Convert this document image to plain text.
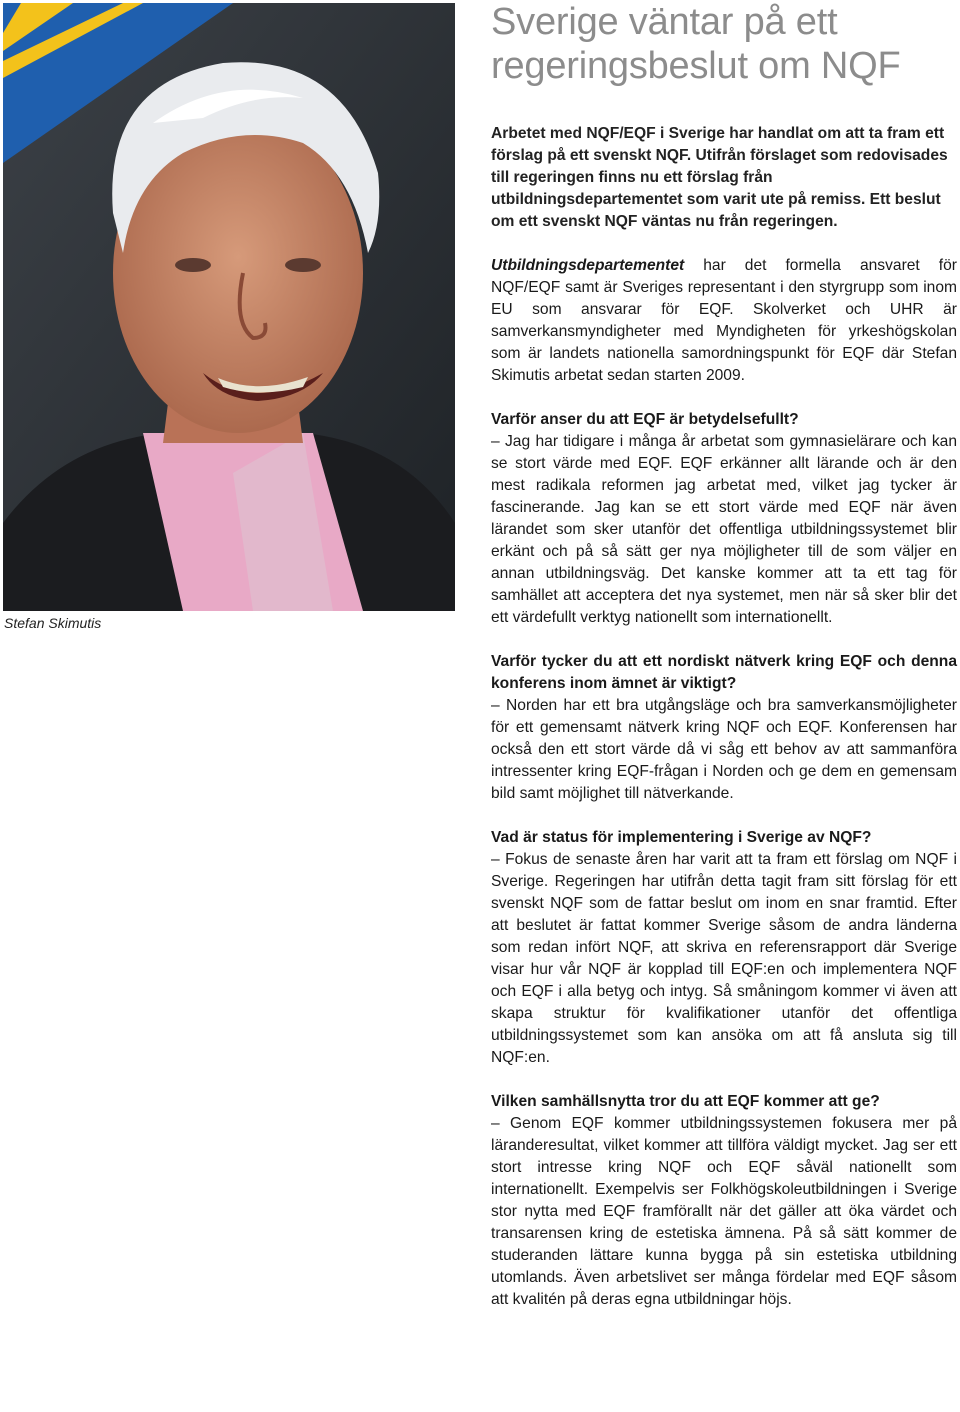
Stefan Skimutis
Sverige väntar på ett regeringsbeslut om NQF

Arbetet med NQF/EQF i Sverige har handlat om att ta fram ett förslag på ett svenskt NQF. Utifrån förslaget som redovisades till regeringen finns nu ett förslag från utbildningsdepartementet som varit ute på remiss. Ett beslut om ett svenskt NQF väntas nu från regeringen.

Utbildningsdepartementet har det formella ansvaret för NQF/EQF samt är Sveriges representant i den styrgrupp som inom EU som ansvarar för EQF. Skolverket och UHR är samverkansmyndigheter med Myndigheten för yrkeshögskolan som är landets nationella samordningspunkt för EQF där Stefan Skimutis arbetat sedan starten 2009.

Varför anser du att EQF är betydelsefullt?
– Jag har tidigare i många år arbetat som gymnasielärare och kan se stort värde med EQF. EQF erkänner allt lärande och är den mest radikala reformen jag arbetat med, vilket jag tycker är fascinerande. Jag kan se ett stort värde med EQF när även lärandet som sker utanför det offentliga utbildningssystemet blir erkänt och på så sätt ger nya möjligheter till de som väljer en annan utbildningsväg. Det kanske kommer att ta ett tag för samhället att acceptera det nya systemet, men när så sker blir det ett värdefullt verktyg nationellt som internationellt.
Varför tycker du att ett nordiskt nätverk kring EQF och denna konferens inom ämnet är viktigt?
– Norden har ett bra utgångsläge och bra samverkansmöjligheter för ett gemensamt nätverk kring NQF och EQF. Konferensen har också den ett stort värde då vi såg ett behov av att sammanföra intressenter kring EQF-frågan i Norden och ge dem en gemensam bild samt möjlighet till nätverkande.
Vad är status för implementering i Sverige av NQF?
– Fokus de senaste åren har varit att ta fram ett förslag om NQF i Sverige. Regeringen har utifrån detta tagit fram sitt förslag för ett svenskt NQF som de fattar beslut om inom en snar framtid. Efter att beslutet är fattat kommer Sverige såsom de andra länderna som redan infört NQF, att skriva en referensrapport där Sverige visar hur vår NQF är kopplad till EQF:en och implementera NQF och EQF i alla betyg och intyg. Så småningom kommer vi även att skapa struktur för kvalifikationer utanför det offentliga utbildningssystemet som kan ansöka om att få ansluta sig till NQF:en.
Vilken samhällsnytta tror du att EQF kommer att ge?
– Genom EQF kommer utbildningssystemen fokusera mer på läranderesultat, vilket kommer att tillföra väldigt mycket. Jag ser ett stort intresse kring NQF och EQF såväl nationellt som internationellt. Exempelvis ser Folkhögskoleutbildningen i Sverige stor nytta med EQF framförallt när det gäller att öka värdet och transarensen kring de estetiska ämnena. På så sätt kommer de studeranden lättare kunna bygga på sin estetiska utbildning utomlands. Även arbetslivet ser många fördelar med EQF såsom att kvalitén på deras egna utbildningar höjs.
